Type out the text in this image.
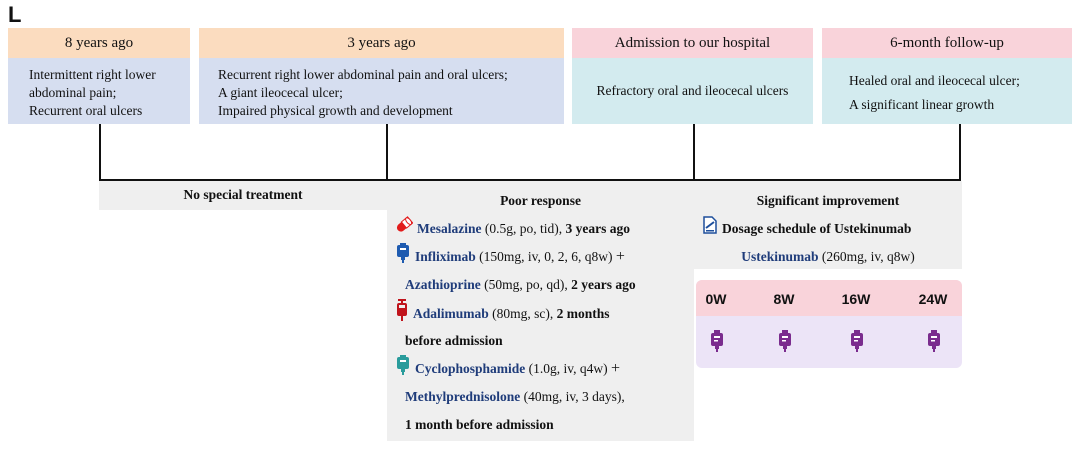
L
8 years ago	3 years ago	Admission to our hospital	6-month follow-up
Intermittent right lower
abdominal pain;
Recurrent oral ulcers
Recurrent right lower abdominal pain and oral ulcers;
A giant ileocecal ulcer;
Impaired physical growth and development
Refractory oral and ileocecal ulcers
Healed oral and ileocecal ulcer;
A significant linear growth
No special treatment	Poor response
Mesalazine (0.5g, po, tid), 3 years ago
Infliximab (150mg, iv, 0, 2, 6, q8w) +
Azathioprine (50mg, po, qd), 2 years ago
Adalimumab (80mg, sc), 2 months
before admission
Cyclophosphamide (1.0g, iv, q4w) +
Methylprednisolone (40mg, iv, 3 days),
1 month before admission
Significant improvement
Dosage schedule of Ustekinumab
Ustekinumab (260mg, iv, q8w)
0W	8W	16W	24W
